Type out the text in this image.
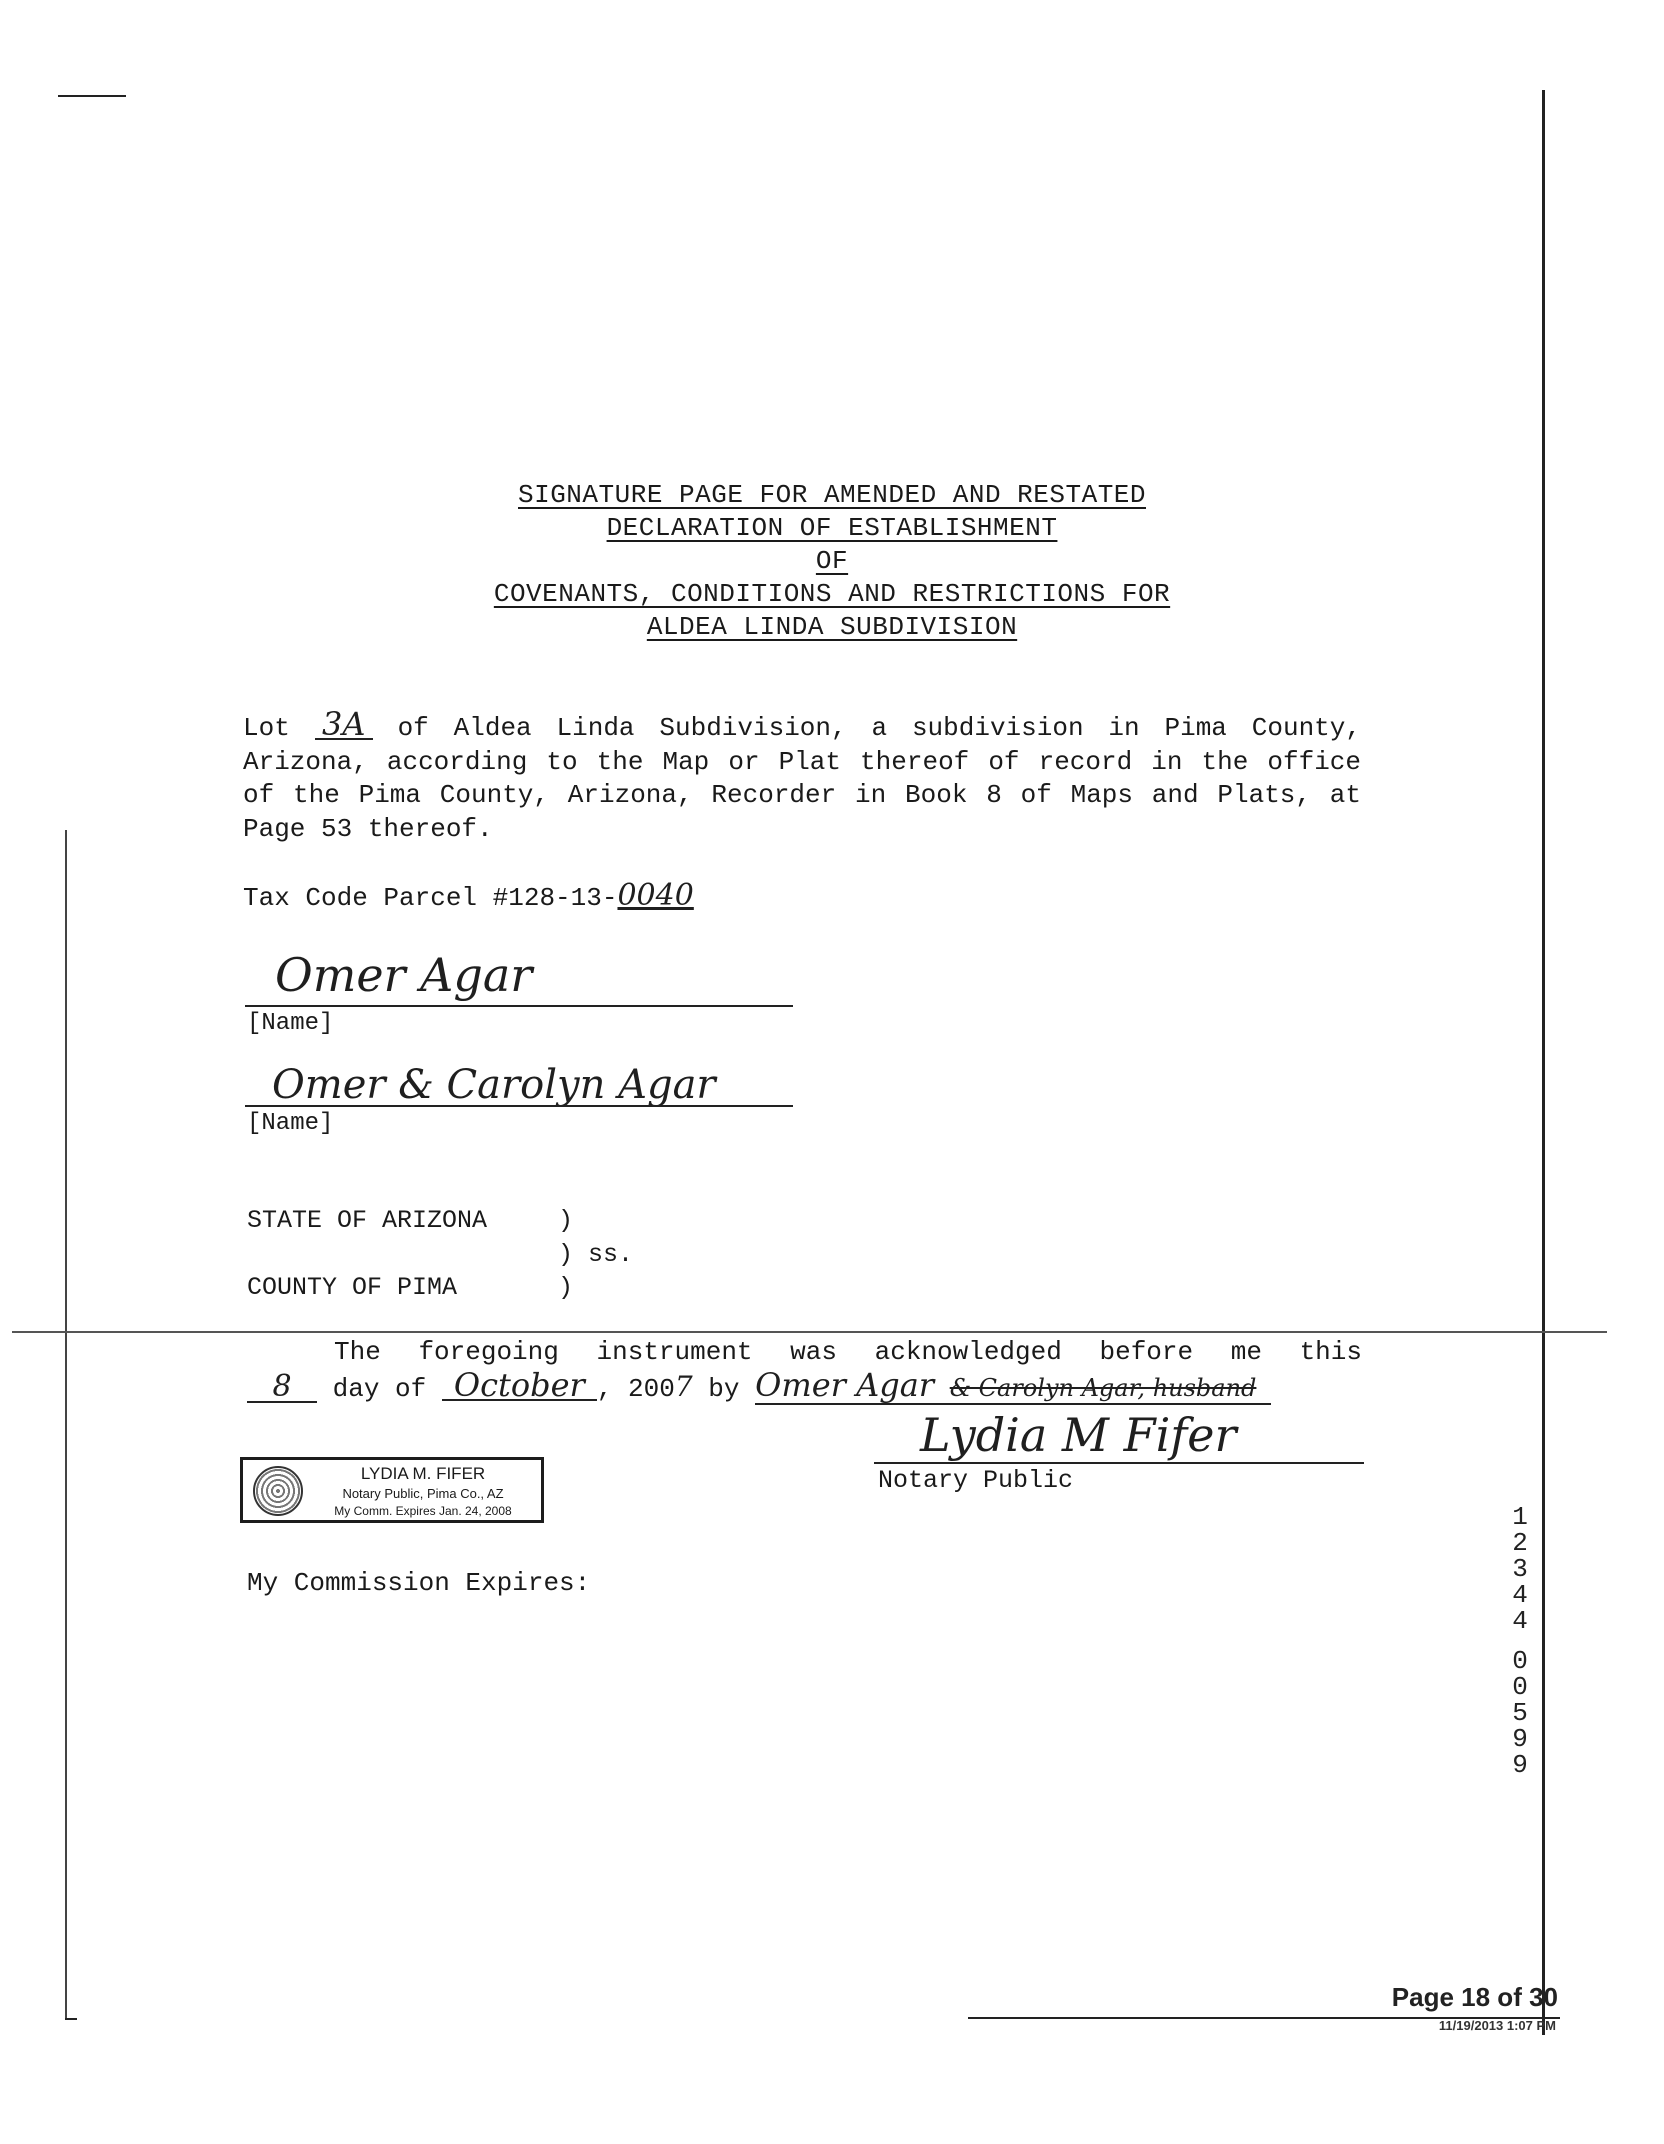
SIGNATURE PAGE FOR AMENDED AND RESTATED
DECLARATION OF ESTABLISHMENT
OF
COVENANTS, CONDITIONS AND RESTRICTIONS FOR
ALDEA LINDA SUBDIVISION
Lot 3A of Aldea Linda Subdivision, a subdivision in Pima County, Arizona, according to the Map or Plat thereof of record in the office of the Pima County, Arizona, Recorder in Book 8 of Maps and Plats, at Page 53 thereof.
Tax Code Parcel #128-13-0040
Omer Agar
[Name]
Omer & Carolyn Agar
[Name]
STATE OF ARIZONA	)
) ss.
COUNTY OF PIMA	)
The foregoing instrument was acknowledged before me this
8 day of October , 2007 by Omer Agar & Carolyn Agar, husband
Lydia M Fifer
Notary Public
LYDIA M. FIFER
Notary Public, Pima Co., AZ
My Comm. Expires Jan. 24, 2008
My Commission Expires:
1
2
3
4
4
0
0
5
9
9
Page 18 of 30
11/19/2013 1:07 PM
